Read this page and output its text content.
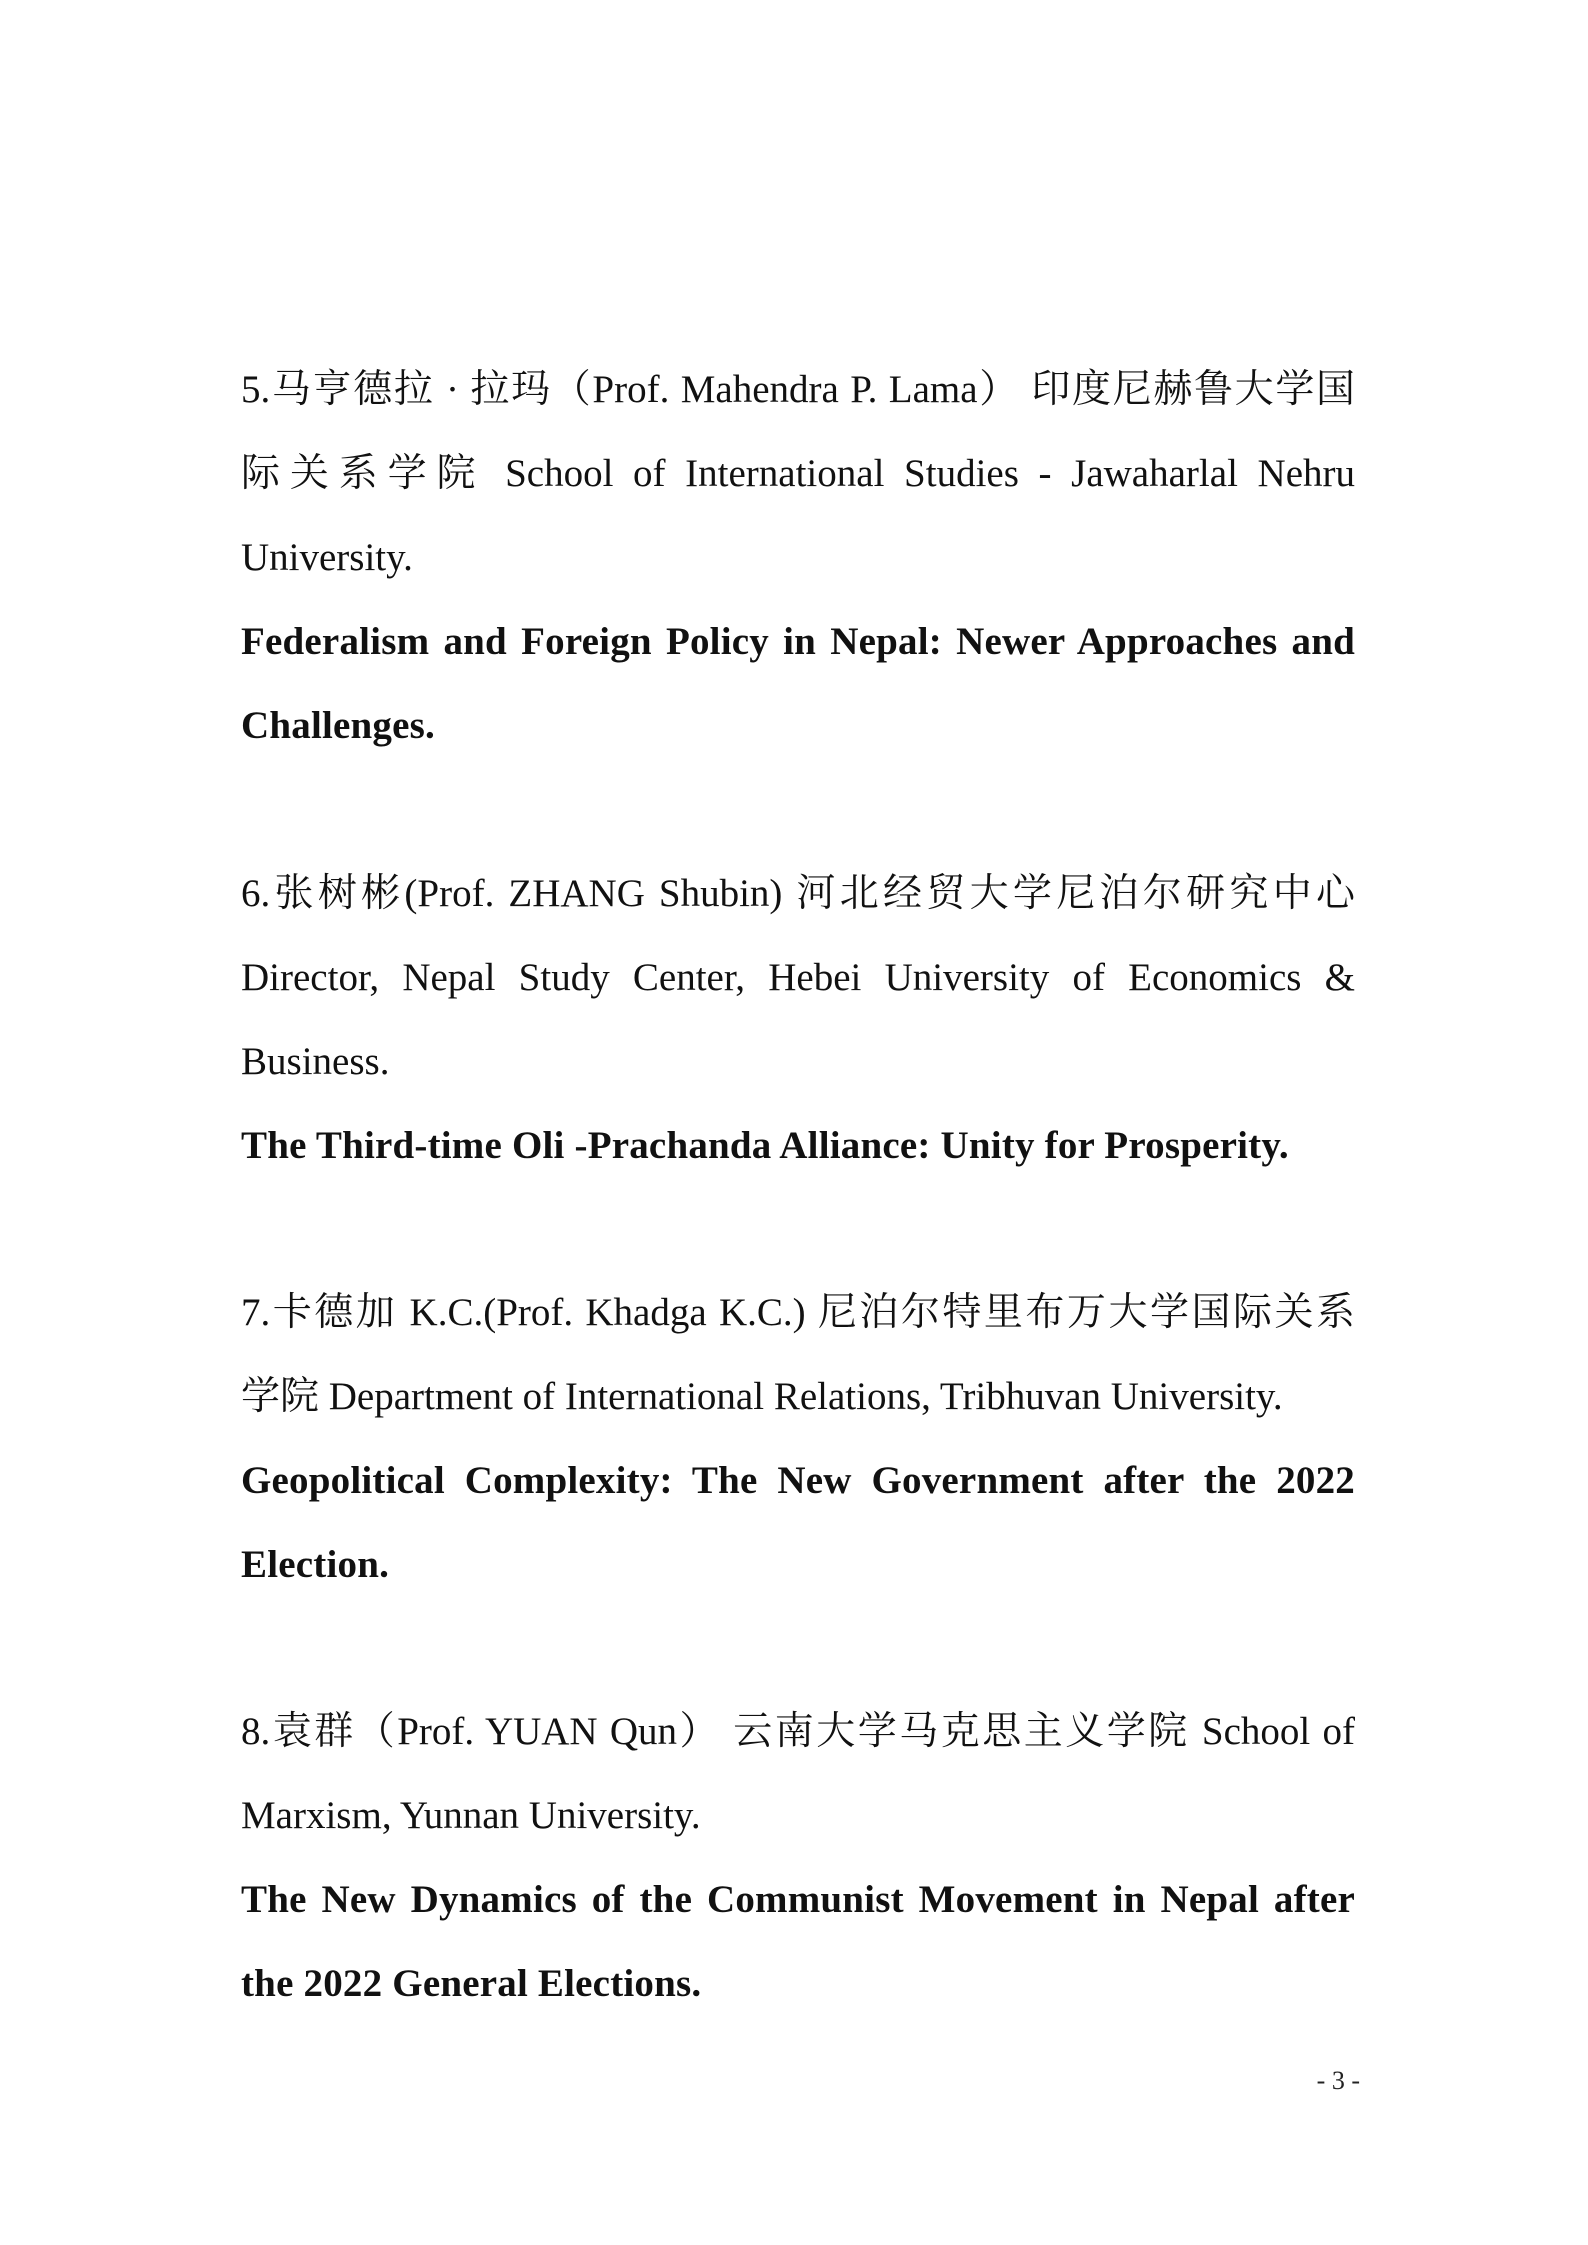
5.马亨德拉 · 拉玛（Prof. Mahendra P. Lama） 印度尼赫鲁大学国
际关系学院 School of International Studies - Jawaharlal Nehru
University.
Federalism and Foreign Policy in Nepal: Newer Approaches and
Challenges.
6.张树彬(Prof. ZHANG Shubin) 河北经贸大学尼泊尔研究中心
Director, Nepal Study Center, Hebei University of Economics &
Business.
The Third-time Oli -Prachanda Alliance: Unity for Prosperity.
7.卡德加 K.C.(Prof. Khadga K.C.) 尼泊尔特里布万大学国际关系
学院 Department of International Relations, Tribhuvan University.
Geopolitical Complexity: The New Government after the 2022
Election.
8.袁群（Prof. YUAN Qun） 云南大学马克思主义学院 School of
Marxism, Yunnan University.
The New Dynamics of the Communist Movement in Nepal after
the 2022 General Elections.
- 3 -
